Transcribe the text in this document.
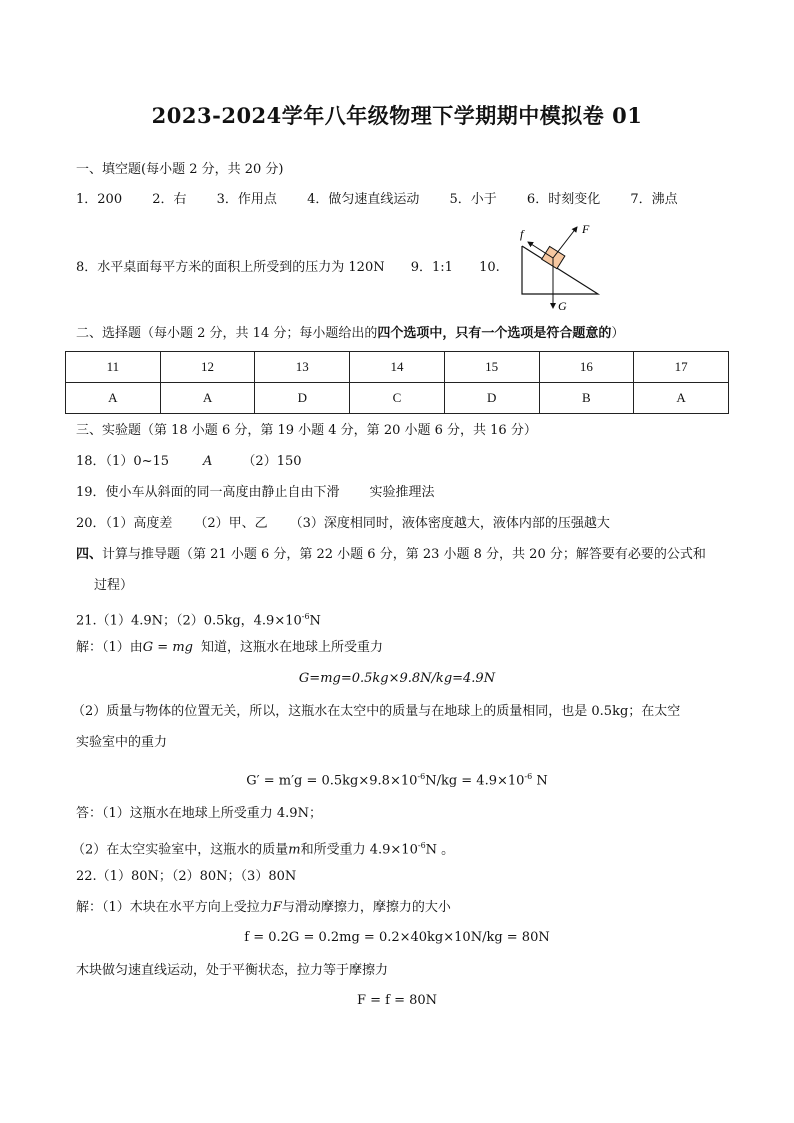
2023-2024学年八年级物理下学期期中模拟卷 01
一、填空题(每小题 2 分，共 20 分)
1．200 2．右 3．作用点 4．做匀速直线运动 5．小于 6．时刻变化 7．沸点
8．水平桌面每平方米的面积上所受到的压力为 120N 9．1:1 10.
f	F
G
二、选择题（每小题 2 分，共 14 分；每小题给出的四个选项中，只有一个选项是符合题意的）
11	12	13	14	15	16	17
A	A	D	C	D	B	A
三、实验题（第 18 小题 6 分，第 19 小题 4 分，第 20 小题 6 分，共 16 分）
18．（1）0~15	A （2）150
19．使小车从斜面的同一高度由静止自由下滑 实验推理法
20．（1）高度差 （2）甲、乙 （3）深度相同时，液体密度越大，液体内部的压强越大
四、计算与推导题（第 21 小题 6 分，第 22 小题 6 分，第 23 小题 8 分，共 20 分；解答要有必要的公式和
过程）
21.（1）4.9N；（2）0.5kg，$4.9\times 10^{-6}N$
解：（1）由G = mg 知道，这瓶水在地球上所受重力
G=mg=0.5kg×9.8N/kg=4.9N
（2）质量与物体的位置无关，所以，这瓶水在太空中的质量与在地球上的质量相同，也是 0.5kg；在太空
实验室中的重力
$G' = m'g = 0.5kg\times 9.8\times 10^{-6}N/kg = 4.9\times 10^{-6}$ N
答：（1）这瓶水在地球上所受重力 4.9N；
（2）在太空实验室中，这瓶水的质量m和所受重力 $4.9\times 10^{-6}N$ 。
22.（1）80N；（2）80N；（3）80N
解：（1）木块在水平方向上受拉力F与滑动摩擦力，摩擦力的大小
f = 0.2G = 0.2mg = 0.2×40kg×10N/kg = 80N
木块做匀速直线运动，处于平衡状态，拉力等于摩擦力
F = f = 80N
